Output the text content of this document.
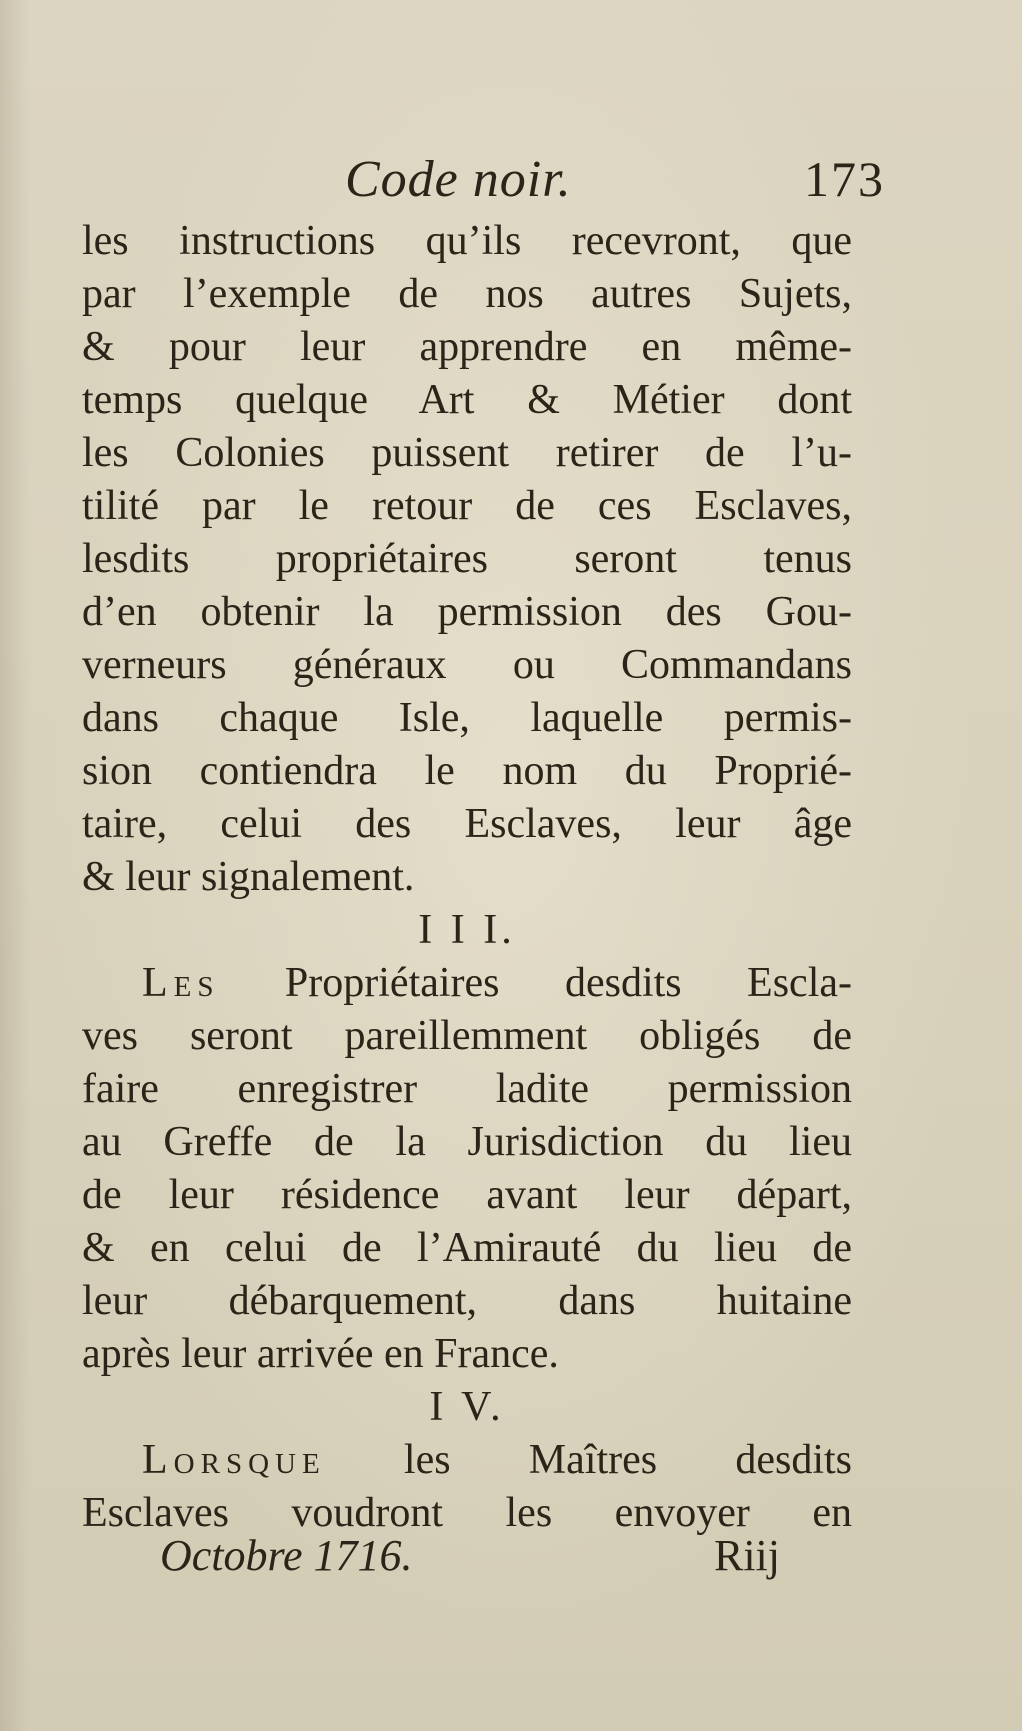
Code noir.	173
les instructions qu’ils recevront, que
par l’exemple de nos autres Sujets,
& pour leur apprendre en même-
temps quelque Art & Métier dont
les Colonies puissent retirer de l’u-
tilité par le retour de ces Esclaves,
lesdits propriétaires seront tenus
d’en obtenir la permission des Gou-
verneurs généraux ou Commandans
dans chaque Isle, laquelle permis-
sion contiendra le nom du Proprié-
taire, celui des Esclaves, leur âge
& leur signalement.
I I I.
Les Propriétaires desdits Escla-
ves seront pareillemment obligés de
faire enregistrer ladite permission
au Greffe de la Jurisdiction du lieu
de leur résidence avant leur départ,
& en celui de l’Amirauté du lieu de
leur débarquement, dans huitaine
après leur arrivée en France.
I V.
Lorsque les Maîtres desdits
Esclaves voudront les envoyer en
Octobre 1716.	Riij
